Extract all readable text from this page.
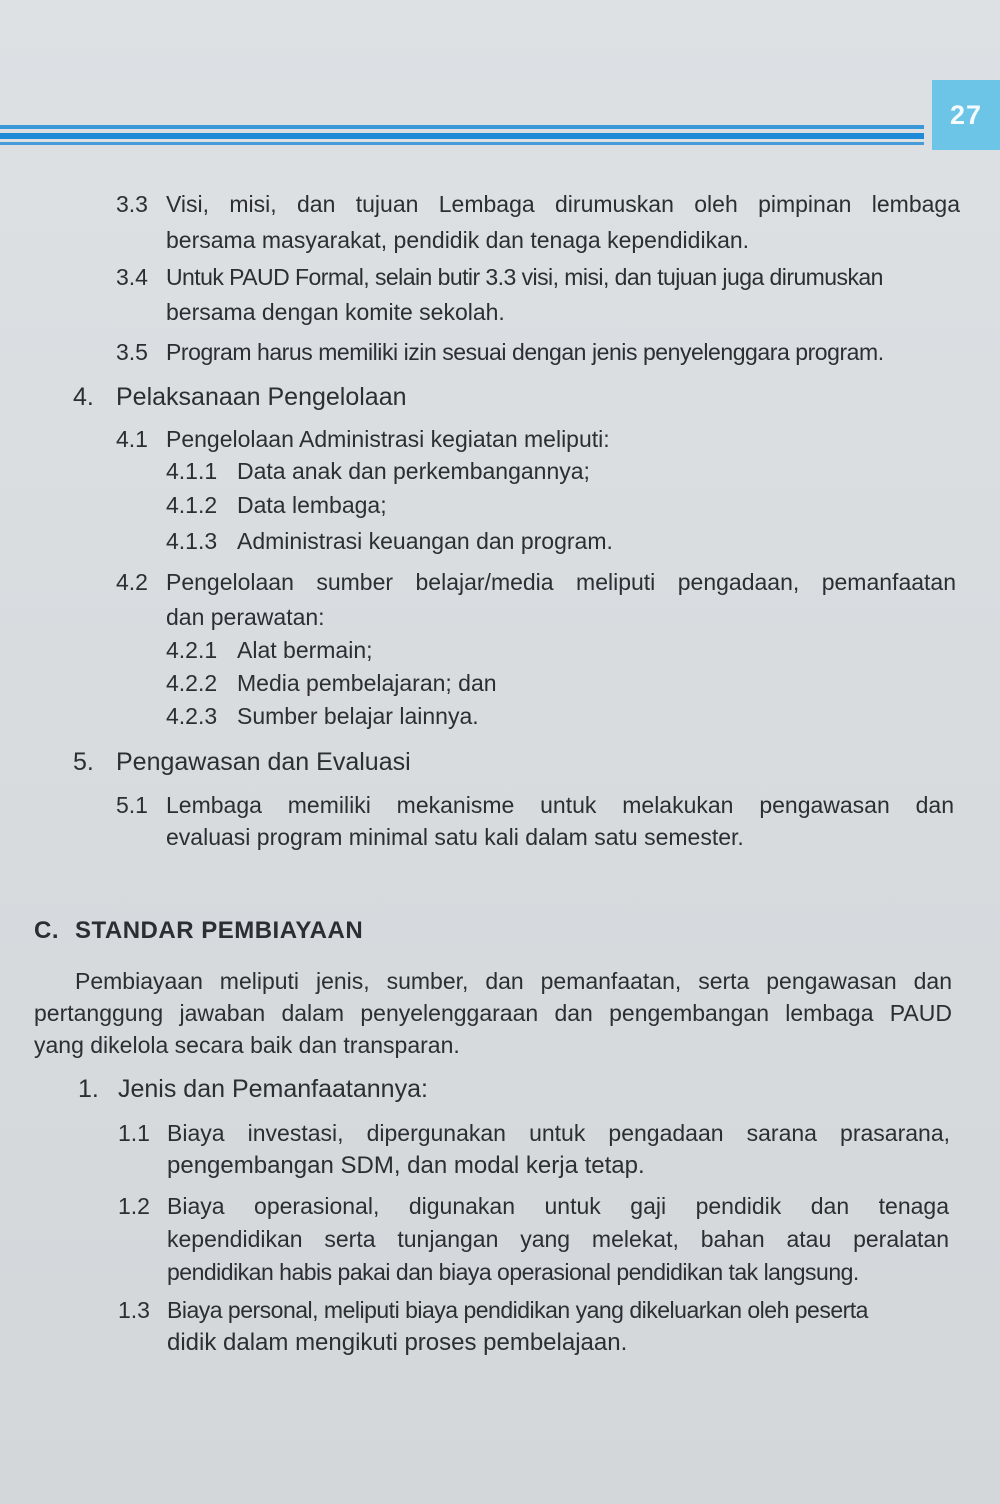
27
3.3 Visi, misi, dan tujuan Lembaga dirumuskan oleh pimpinan lembaga
bersama masyarakat, pendidik dan tenaga kependidikan.
3.4 Untuk PAUD Formal, selain butir 3.3 visi, misi, dan tujuan juga dirumuskan
bersama dengan komite sekolah.
3.5 Program harus memiliki izin sesuai dengan jenis penyelenggara program.
4. Pelaksanaan Pengelolaan
4.1 Pengelolaan Administrasi kegiatan meliputi:
4.1.1 Data anak dan perkembangannya;
4.1.2 Data lembaga;
4.1.3 Administrasi keuangan dan program.
4.2 Pengelolaan sumber belajar/media meliputi pengadaan, pemanfaatan
dan perawatan:
4.2.1 Alat bermain;
4.2.2 Media pembelajaran; dan
4.2.3 Sumber belajar lainnya.
5. Pengawasan dan Evaluasi
5.1 Lembaga memiliki mekanisme untuk melakukan pengawasan dan
evaluasi program minimal satu kali dalam satu semester.
C. STANDAR PEMBIAYAAN
Pembiayaan meliputi jenis, sumber, dan pemanfaatan, serta pengawasan dan
pertanggung jawaban dalam penyelenggaraan dan pengembangan lembaga PAUD
yang dikelola secara baik dan transparan.
1. Jenis dan Pemanfaatannya:
1.1 Biaya investasi, dipergunakan untuk pengadaan sarana prasarana,
pengembangan SDM, dan modal kerja tetap.
1.2 Biaya operasional, digunakan untuk gaji pendidik dan tenaga
kependidikan serta tunjangan yang melekat, bahan atau peralatan
pendidikan habis pakai dan biaya operasional pendidikan tak langsung.
1.3 Biaya personal, meliputi biaya pendidikan yang dikeluarkan oleh peserta
didik dalam mengikuti proses pembelajaan.
